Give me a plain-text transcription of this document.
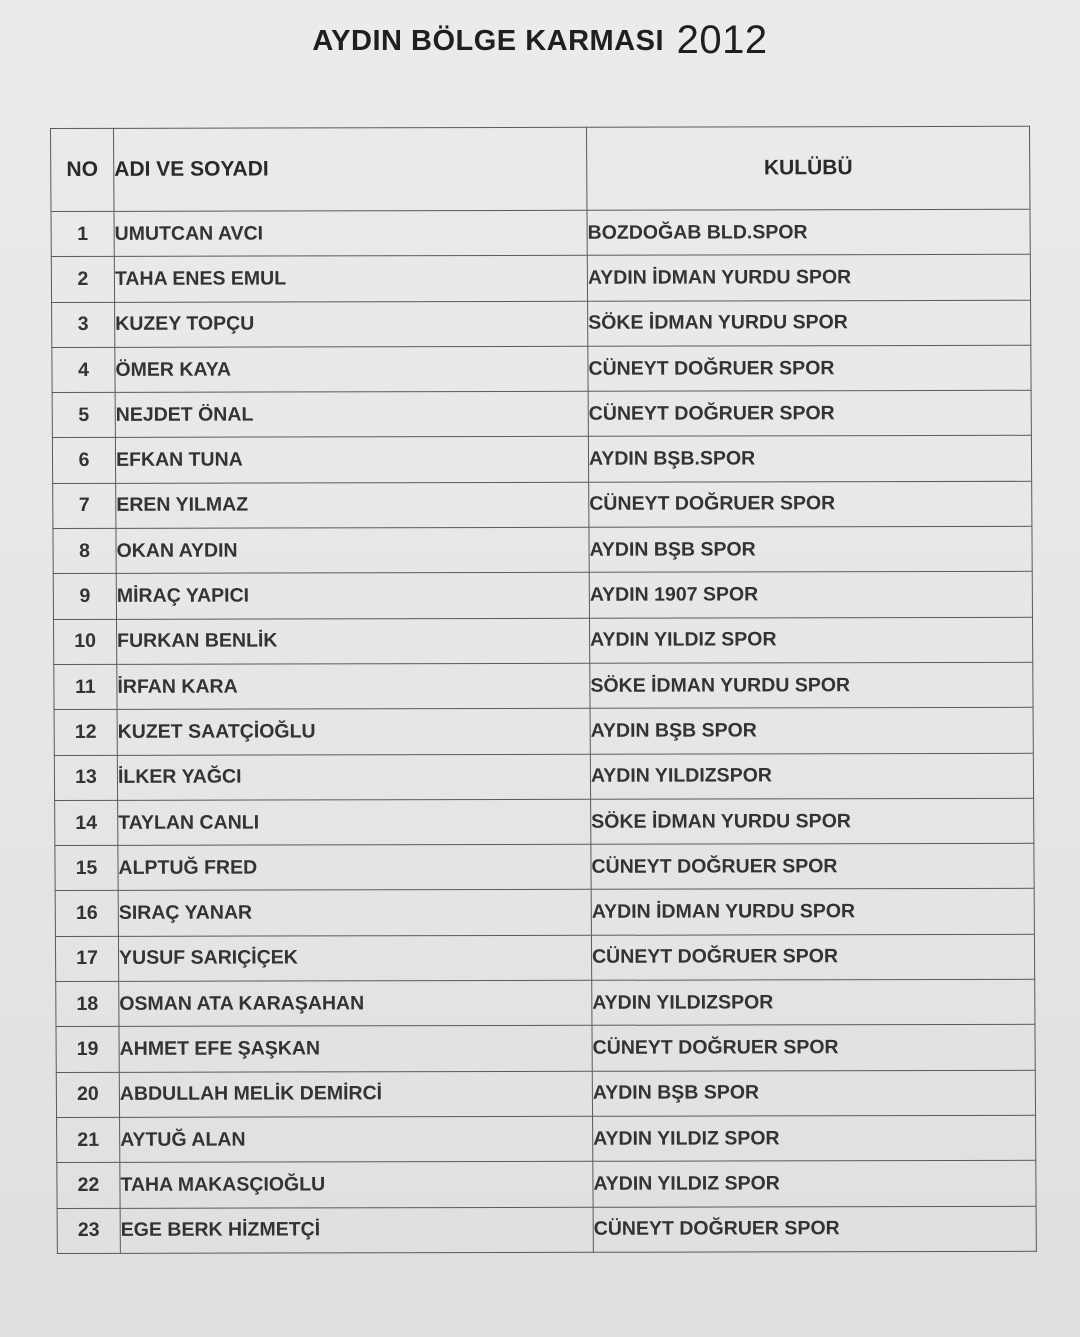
AYDIN BÖLGE KARMASI 2012
NO	ADI VE SOYADI	KULÜBÜ
1	UMUTCAN AVCI	BOZDOĞAB BLD.SPOR
2	TAHA ENES EMUL	AYDIN İDMAN YURDU SPOR
3	KUZEY TOPÇU	SÖKE İDMAN YURDU SPOR
4	ÖMER KAYA	CÜNEYT DOĞRUER SPOR
5	NEJDET ÖNAL	CÜNEYT DOĞRUER SPOR
6	EFKAN TUNA	AYDIN BŞB.SPOR
7	EREN YILMAZ	CÜNEYT DOĞRUER SPOR
8	OKAN AYDIN	AYDIN BŞB SPOR
9	MİRAÇ YAPICI	AYDIN 1907 SPOR
10	FURKAN BENLİK	AYDIN YILDIZ SPOR
11	İRFAN KARA	SÖKE İDMAN YURDU SPOR
12	KUZET SAATÇİOĞLU	AYDIN BŞB SPOR
13	İLKER YAĞCI	AYDIN YILDIZSPOR
14	TAYLAN CANLI	SÖKE İDMAN YURDU SPOR
15	ALPTUĞ FRED	CÜNEYT DOĞRUER SPOR
16	SIRAÇ YANAR	AYDIN İDMAN YURDU SPOR
17	YUSUF SARIÇİÇEK	CÜNEYT DOĞRUER SPOR
18	OSMAN ATA KARAŞAHAN	AYDIN YILDIZSPOR
19	AHMET EFE ŞAŞKAN	CÜNEYT DOĞRUER SPOR
20	ABDULLAH MELİK DEMİRCİ	AYDIN BŞB SPOR
21	AYTUĞ ALAN	AYDIN YILDIZ SPOR
22	TAHA MAKASÇIOĞLU	AYDIN YILDIZ SPOR
23	EGE BERK HİZMETÇİ	CÜNEYT DOĞRUER SPOR
